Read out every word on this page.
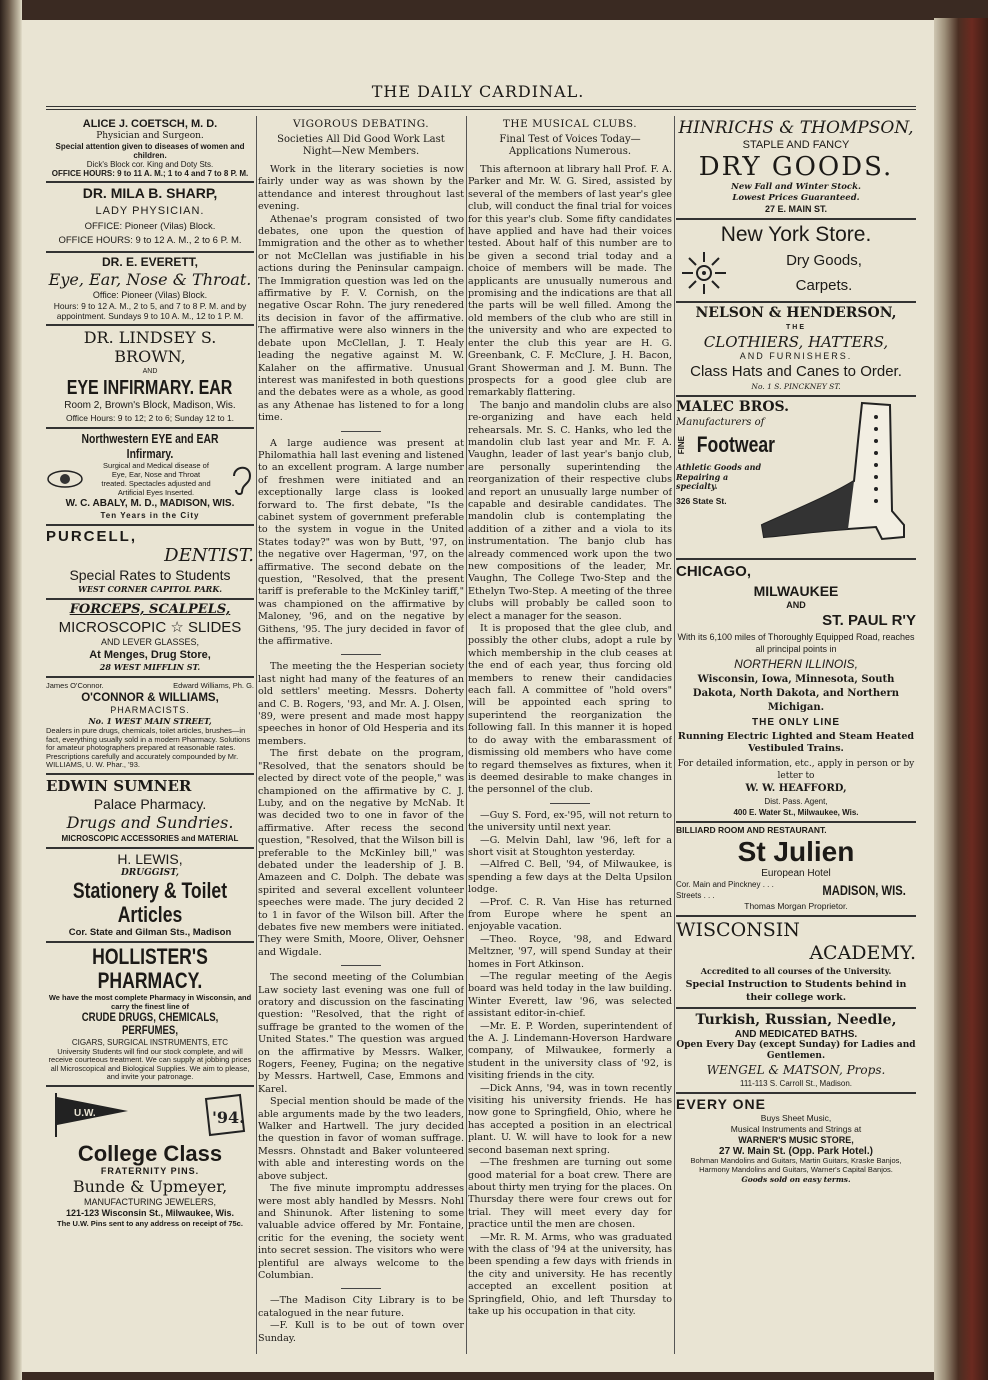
THE DAILY CARDINAL.
ALICE J. COETSCH, M. D.
Physician and Surgeon.
Special attention given to diseases of women and children.
Dick's Block cor. King and Doty Sts.
OFFICE HOURS: 9 to 11 A. M.; 1 to 4 and 7 to 8 P. M.
DR. MILA B. SHARP,
LADY PHYSICIAN.
OFFICE: Pioneer (Vilas) Block.
OFFICE HOURS: 9 to 12 A. M., 2 to 6 P. M.
DR. E. EVERETT,
Eye, Ear, Nose & Throat.
Office: Pioneer (Vilas) Block.
Hours: 9 to 12 A. M., 2 to 5, and 7 to 8 P. M. and by appointment. Sundays 9 to 10 A. M., 12 to 1 P. M.
DR. LINDSEY S. BROWN,
AND
EYE INFIRMARY. EAR
Room 2, Brown's Block, Madison, Wis.
Office Hours: 9 to 12; 2 to 6; Sunday 12 to 1.
Northwestern EYE and EAR Infirmary.
Surgical and Medical disease of Eye, Ear, Nose and Throat treated. Spectacles adjusted and Artificial Eyes Inserted.
W. C. ABALY, M. D., MADISON, WIS.
Ten Years in the City
PURCELL,
DENTIST.
Special Rates to Students
WEST CORNER CAPITOL PARK.
FORCEPS, SCALPELS,
MICROSCOPIC ☆ SLIDES
AND LEVER GLASSES,
At Menges, Drug Store,
28 WEST MIFFLIN ST.
James O'Connor.	Edward Williams, Ph. G.
O'CONNOR & WILLIAMS,
PHARMACISTS.
No. 1 WEST MAIN STREET,
Dealers in pure drugs, chemicals, toilet articles, brushes—in fact, everything usually sold in a modern Pharmacy. Solutions for amateur photographers prepared at reasonable rates. Prescriptions carefully and accurately compounded by Mr. WILLIAMS, U. W. Phar., '93.
EDWIN SUMNER
Palace Pharmacy.
Drugs and Sundries.
MICROSCOPIC ACCESSORIES and MATERIAL
H. LEWIS,
DRUGGIST,
Stationery & Toilet Articles
Cor. State and Gilman Sts., Madison
HOLLISTER'S PHARMACY.
We have the most complete Pharmacy in Wisconsin, and carry the finest line of
CRUDE DRUGS, CHEMICALS, PERFUMES,
CIGARS, SURGICAL INSTRUMENTS, ETC
University Students will find our stock complete, and will receive courteous treatment. We can supply at jobbing prices all Microscopical and Biological Supplies. We aim to please, and invite your patronage.
U.W.	'94.
College Class
FRATERNITY PINS.
Bunde & Upmeyer,
MANUFACTURING JEWELERS,
121-123 Wisconsin St., Milwaukee, Wis.
The U.W. Pins sent to any address on receipt of 75c.
VIGOROUS DEBATING.
Societies All Did Good Work Last Night—New Members.

Work in the literary societies is now fairly under way as was shown by the attendance and interest throughout last evening.

Athenae's program consisted of two debates, one upon the question of Immigration and the other as to whether or not McClellan was justifiable in his actions during the Peninsular campaign. The Immigration question was led on the affirmative by F. V. Cornish, on the negative Oscar Rohn. The jury renedered its decision in favor of the affirmative. The affirmative were also winners in the debate upon McClellan, J. T. Healy leading the negative against M. W. Kalaher on the affirmative. Unusual interest was manifested in both questions and the debates were as a whole, as good as any Athenae has listened to for a long time.

A large audience was present at Philomathia hall last evening and listened to an excellent program. A large number of freshmen were initiated and an exceptionally large class is looked forward to. The first debate, "Is the cabinet system of government preferable to the system in vogue in the United States today?" was won by Butt, '97, on the negative over Hagerman, '97, on the affirmative. The second debate on the question, "Resolved, that the present tariff is preferable to the McKinley tariff," was championed on the affirmative by Maloney, '96, and on the negative by Githens, '95. The jury decided in favor of the affirmative.

The meeting the the Hesperian society last night had many of the features of an old settlers' meeting. Messrs. Doherty and C. B. Rogers, '93, and Mr. A. J. Olsen, '89, were present and made most happy speeches in honor of Old Hesperia and its members.

The first debate on the program, "Resolved, that the senators should be elected by direct vote of the people," was championed on the affirmative by C. J. Luby, and on the negative by McNab. It was decided two to one in favor of the affirmative. After recess the second question, "Resolved, that the Wilson bill is preferable to the McKinley bill," was debated under the leadership of J. B. Amazeen and C. Dolph. The debate was spirited and several excellent volunteer speeches were made. The jury decided 2 to 1 in favor of the Wilson bill. After the debates five new members were initiated. They were Smith, Moore, Oliver, Oehsner and Wigdale.

The second meeting of the Columbian Law society last evening was one full of oratory and discussion on the fascinating question: "Resolved, that the right of suffrage be granted to the women of the United States." The question was argued on the affirmative by Messrs. Walker, Rogers, Feeney, Fugina; on the negative by Messrs. Hartwell, Case, Emmons and Karel.

Special mention should be made of the able arguments made by the two leaders, Walker and Hartwell. The jury decided the question in favor of woman suffrage. Messrs. Ohnstadt and Baker volunteered with able and interesting words on the above subject.

The five minute impromptu addresses were most ably handled by Messrs. Nohl and Shinunok. After listening to some valuable advice offered by Mr. Fontaine, critic for the evening, the society went into secret session. The visitors who were plentiful are always welcome to the Columbian.

—The Madison City Library is to be catalogued in the near future.

—F. Kull is to be out of town over Sunday.

THE MUSICAL CLUBS.
Final Test of Voices Today—Applications Numerous.

This afternoon at library hall Prof. F. A. Parker and Mr. W. G. Sired, assisted by several of the members of last year's glee club, will conduct the final trial for voices for this year's club. Some fifty candidates have applied and have had their voices tested. About half of this number are to be given a second trial today and a choice of members will be made. The applicants are unusually numerous and promising and the indications are that all the parts will be well filled. Among the old members of the club who are still in the university and who are expected to enter the club this year are H. G. Greenbank, C. F. McClure, J. H. Bacon, Grant Showerman and J. M. Bunn. The prospects for a good glee club are remarkably flattering.

The banjo and mandolin clubs are also re-organizing and have each held rehearsals. Mr. S. C. Hanks, who led the mandolin club last year and Mr. F. A. Vaughn, leader of last year's banjo club, are personally superintending the reorganization of their respective clubs and report an unusually large number of capable and desirable candidates. The mandolin club is contemplating the addition of a zither and a viola to its instrumentation. The banjo club has already commenced work upon the two new compositions of the leader, Mr. Vaughn, The College Two-Step and the Ethelyn Two-Step. A meeting of the three clubs will probably be called soon to elect a manager for the season.

It is proposed that the glee club, and possibly the other clubs, adopt a rule by which membership in the club ceases at the end of each year, thus forcing old members to renew their candidacies each fall. A committee of "hold overs" will be appointed each spring to superintend the reorganization the following fall. In this manner it is hoped to do away with the embarassment of dismissing old members who have come to regard themselves as fixtures, when it is deemed desirable to make changes in the personnel of the club.

—Guy S. Ford, ex-'95, will not return to the university until next year.

—G. Melvin Dahl, law '96, left for a short visit at Stoughton yesterday.

—Alfred C. Bell, '94, of Milwaukee, is spending a few days at the Delta Upsilon lodge.

—Prof. C. R. Van Hise has returned from Europe where he spent an enjoyable vacation.

—Theo. Royce, '98, and Edward Meltzner, '97, will spend Sunday at their homes in Fort Atkinson.

—The regular meeting of the Aegis board was held today in the law building. Winter Everett, law '96, was selected assistant editor-in-chief.

—Mr. E. P. Worden, superintendent of the A. J. Lindemann-Hoverson Hardware company, of Milwaukee, formerly a student in the university class of '92, is visiting friends in the city.

—Dick Anns, '94, was in town recently visiting his university friends. He has now gone to Springfield, Ohio, where he has accepted a position in an electrical plant. U. W. will have to look for a new second baseman next spring.

—The freshmen are turning out some good material for a boat crew. There are about thirty men trying for the places. On Thursday there were four crews out for trial. They will meet every day for practice until the men are chosen.

—Mr. R. M. Arms, who was graduated with the class of '94 at the university, has been spending a few days with friends in the city and university. He has recently accepted an excellent position at Springfield, Ohio, and left Thursday to take up his occupation in that city.

HINRICHS & THOMPSON,
STAPLE AND FANCY
DRY GOODS.
New Fall and Winter Stock.
Lowest Prices Guaranteed.
27 E. MAIN ST.
New York Store.
Dry Goods,
Carpets.
NELSON & HENDERSON,
THE
CLOTHIERS, HATTERS,
AND FURNISHERS.
Class Hats and Canes to Order.
No. 1 S. PINCKNEY ST.
MALEC BROS.
Manufacturers of
FINE Footwear
Athletic Goods and Repairing a specialty.
326 State St.
CHICAGO,
MILWAUKEE
AND
ST. PAUL R'Y
With its 6,100 miles of Thoroughly Equipped Road, reaches all principal points in
NORTHERN ILLINOIS,
Wisconsin, Iowa, Minnesota, South Dakota, North Dakota, and Northern Michigan.
THE ONLY LINE
Running Electric Lighted and Steam Heated Vestibuled Trains.
For detailed information, etc., apply in person or by letter to
W. W. HEAFFORD,
Dist. Pass. Agent,
400 E. Water St., Milwaukee, Wis.
BILLIARD ROOM AND RESTAURANT.
St Julien
European Hotel
Cor. Main and Pinckney . . . Streets . . .	MADISON, WIS.
Thomas Morgan Proprietor.
WISCONSIN
ACADEMY.
Accredited to all courses of the University.
Special Instruction to Students behind in their college work.
Turkish, Russian, Needle,
AND MEDICATED BATHS.
Open Every Day (except Sunday) for Ladies and Gentlemen.
WENGEL & MATSON, Props.
111-113 S. Carroll St., Madison.
EVERY ONE
Buys Sheet Music,
Musical Instruments and Strings at
WARNER'S MUSIC STORE,
27 W. Main St. (Opp. Park Hotel.)
Bohman Mandolins and Guitars, Martin Guitars, Kraske Banjos, Harmony Mandolins and Guitars, Warner's Capital Banjos.
Goods sold on easy terms.
